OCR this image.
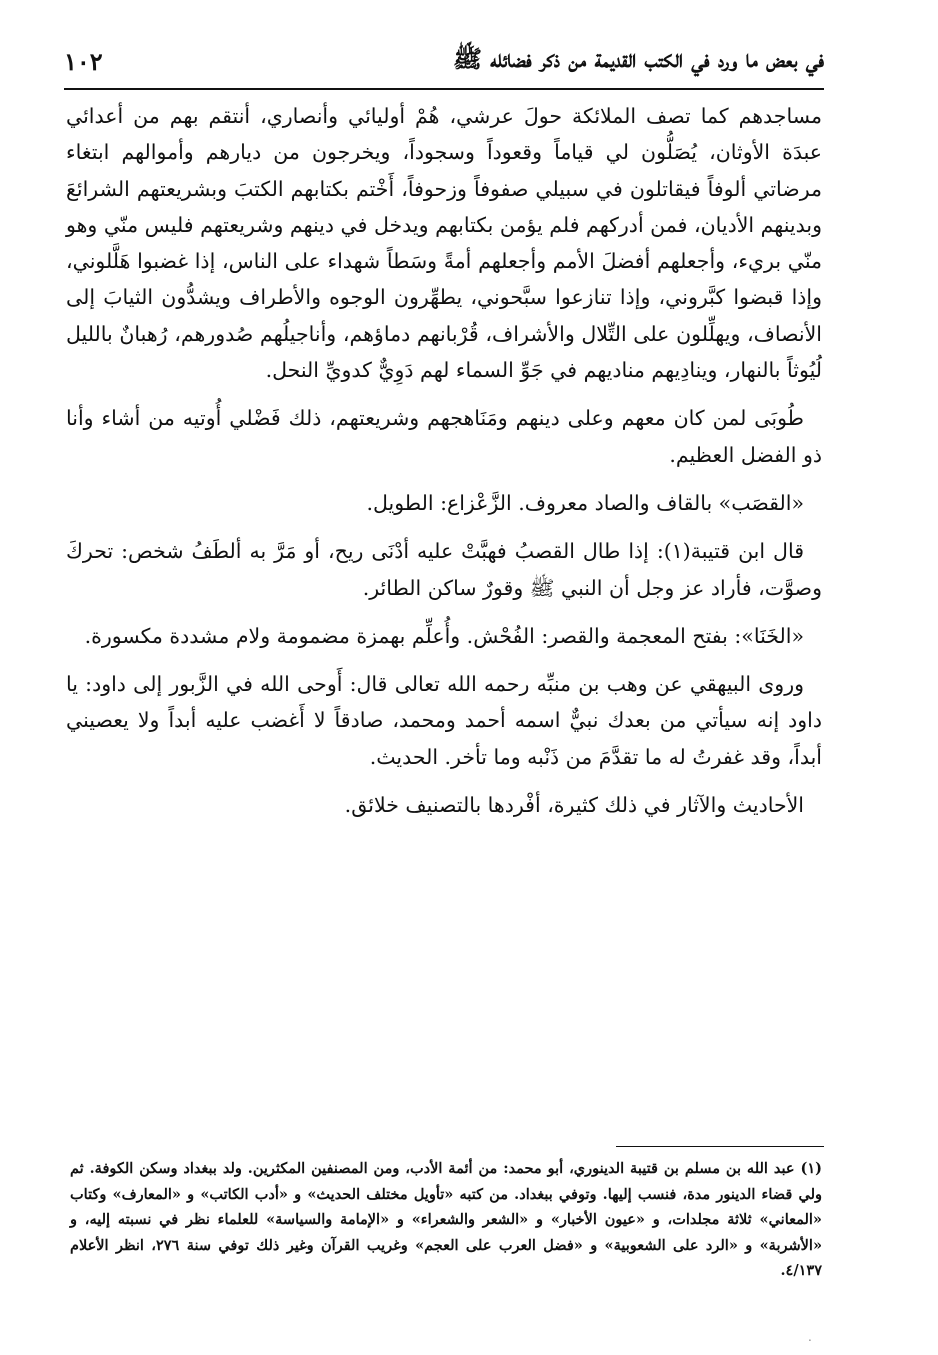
في بعض ما ورد في الكتب القديمة من ذكر فضائله ﷺ
١٠٢

مساجدهم كما تصف الملائكة حولَ عرشي، هُمْ أوليائي وأنصاري، أنتقم بهم من أعدائي عبدَة الأوثان، يُصَلُّون لي قياماً وقعوداً وسجوداً، ويخرجون من ديارهم وأموالهم ابتغاء مرضاتي ألوفاً فيقاتلون في سبيلي صفوفاً وزحوفاً، أَخْتم بكتابهم الكتبَ وبشريعتهم الشرائعَ وبدينهم الأديان، فمن أدركهم فلم يؤمن بكتابهم ويدخل في دينهم وشريعتهم فليس منّي وهو منّي بريء، وأجعلهم أفضلَ الأمم وأجعلهم أمةً وسَطاً شهداء على الناس، إذا غضبوا هَلَّلوني، وإذا قبضوا كبَّروني، وإذا تنازعوا سبَّحوني، يطهِّرون الوجوه والأطراف ويشدُّون الثيابَ إلى الأنصاف، ويهلِّلون على التِّلال والأشراف، قُرْبانهم دماؤهم، وأناجيلُهم صُدورهم، رُهبانٌ بالليل لُيُوثاً بالنهار، وينادِيهم مناديهم في جَوِّ السماء لهم دَوِيٌّ كدويِّ النحل.

طُوبَى لمن كان معهم وعلى دينهم ومَنَاهجهم وشريعتهم، ذلك فَضْلي أُوتيه من أشاء وأنا ذو الفضل العظيم.

«القصَب» بالقاف والصاد معروف. الزَّعْزاع: الطويل.

قال ابن قتيبة(١): إذا طال القصبُ فهبَّتْ عليه أدْنَى ريح، أو مَرَّ به ألطَفُ شخص: تحركَ وصوَّت، فأراد عز وجل أن النبي ﷺ وقورٌ ساكن الطائر.

«الخَنَا»: بفتح المعجمة والقصر: الفُحْش. وأُعلِّم بهمزة مضمومة ولام مشددة مكسورة.

وروى البيهقي عن وهب بن منبِّه رحمه الله تعالى قال: أَوحى الله في الزَّبور إلى داود: يا داود إنه سيأتي من بعدك نبيٌّ اسمه أحمد ومحمد، صادقاً لا أَغضب عليه أبداً ولا يعصيني أبداً، وقد غفرتُ له ما تقدَّمَ من ذَنْبه وما تأخر. الحديث.

الأحاديث والآثار في ذلك كثيرة، أفْردها بالتصنيف خلائق.

(١) عبد الله بن مسلم بن قتيبة الدينوري، أبو محمد: من أئمة الأدب، ومن المصنفين المكثرين. ولد ببغداد وسكن الكوفة. ثم ولي قضاء الدينور مدة، فنسب إليها. وتوفي ببغداد. من كتبه «تأويل مختلف الحديث» و «أدب الكاتب» و «المعارف» وكتاب «المعاني» ثلاثة مجلدات، و «عيون الأخبار» و «الشعر والشعراء» و «الإمامة والسياسة» للعلماء نظر في نسبته إليه، و «الأشربة» و «الرد على الشعوبية» و «فضل العرب على العجم» وغريب القرآن وغير ذلك توفي سنة ٢٧٦، انظر الأعلام ٤/١٣٧.

.
